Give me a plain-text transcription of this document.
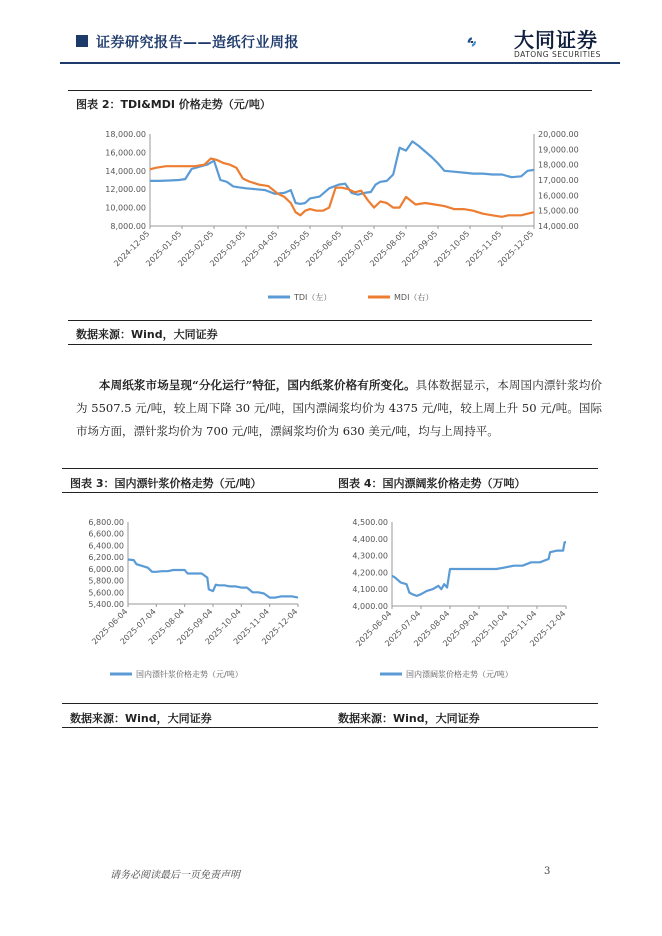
证券研究报告——造纸行业周报	大同证券
DATONG SECURITIES
图表 2：TDI&MDI 价格走势（元/吨）
18,000.00
16,000.00
14,000.00
12,000.00
10,000.00
8,000.00
20,000.00
19,000.00
18,000.00
17,000.00
16,000.00
15,000.00
14,000.00
2024-12-05
2025-01-05
2025-02-05
2025-03-05
2025-04-05
2025-05-05
2025-06-05
2025-07-05
2025-08-05
2025-09-05
2025-10-05
2025-11-05
2025-12-05
TDI（左）	MDI（右）
数据来源：Wind，大同证券
本周纸浆市场呈现“分化运行”特征，国内纸浆价格有所变化。具体数据显示，本周国内漂针浆均价为 5507.5 元/吨，较上周下降 30 元/吨，国内漂阔浆均价为 4375 元/吨，较上周上升 50 元/吨。国际市场方面，漂针浆均价为 700 元/吨，漂阔浆均价为 630 美元/吨，均与上周持平。
图表 3：国内漂针浆价格走势（元/吨）	图表 4：国内漂阔浆价格走势（万吨）
6,800.00
6,600.00
6,400.00
6,200.00
6,000.00
5,800.00
5,600.00
5,400.00
2025-06-04
2025-07-04
2025-08-04
2025-09-04
2025-10-04
2025-11-04
2025-12-04
国内漂针浆价格走势（元/吨）
4,500.00
4,400.00
4,300.00
4,200.00
4,100.00
4,000.00
2025-06-04
2025-07-04
2025-08-04
2025-09-04
2025-10-04
2025-11-04
2025-12-04
国内漂阔浆价格走势（元/吨）
数据来源：Wind，大同证券	数据来源：Wind，大同证券
请务必阅读最后一页免责声明	3
